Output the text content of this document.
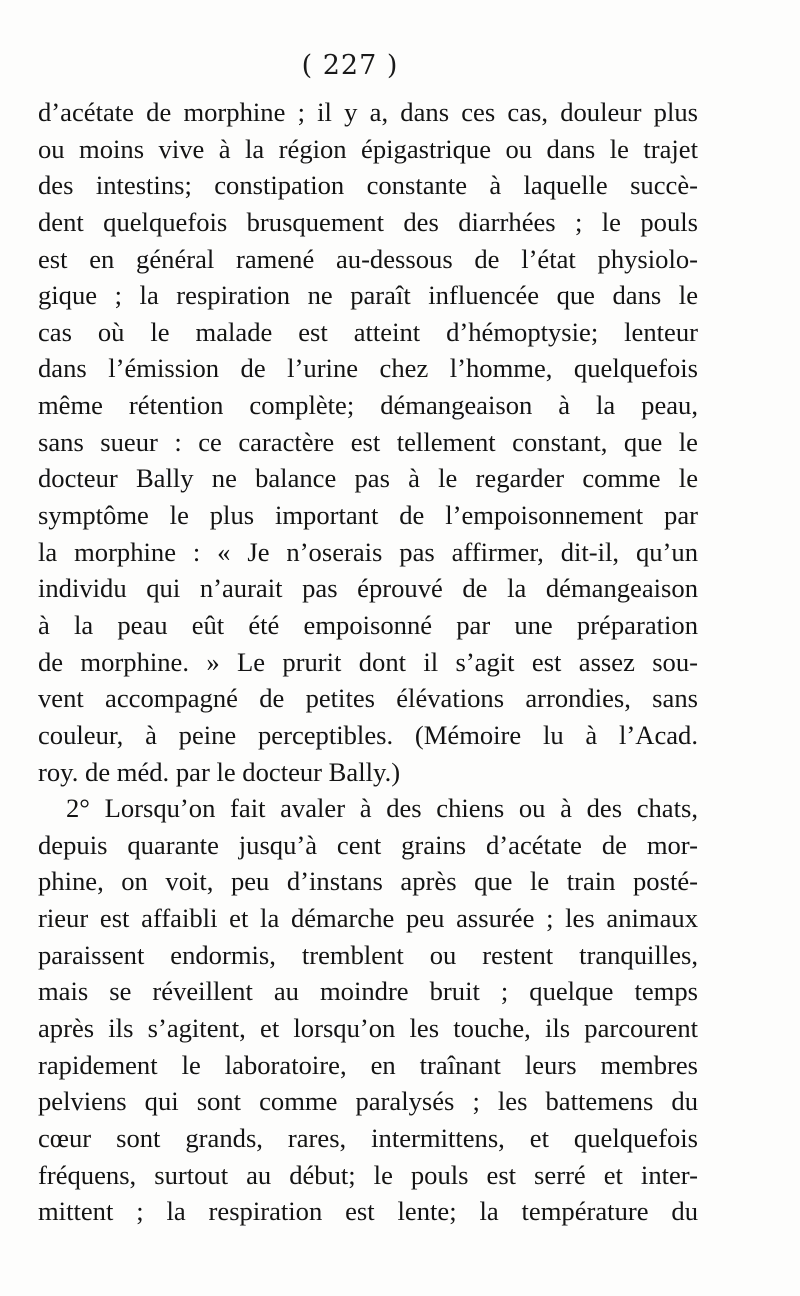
( 227 )
d’acétate de morphine ; il y a, dans ces cas, douleur plus
ou moins vive à la région épigastrique ou dans le trajet
des intestins; constipation constante à laquelle succè-
dent quelquefois brusquement des diarrhées ; le pouls
est en général ramené au-dessous de l’état physiolo-
gique ; la respiration ne paraît influencée que dans le
cas où le malade est atteint d’hémoptysie; lenteur
dans l’émission de l’urine chez l’homme, quelquefois
même rétention complète; démangeaison à la peau,
sans sueur : ce caractère est tellement constant, que le
docteur Bally ne balance pas à le regarder comme le
symptôme le plus important de l’empoisonnement par
la morphine : « Je n’oserais pas affirmer, dit-il, qu’un
individu qui n’aurait pas éprouvé de la démangeaison
à la peau eût été empoisonné par une préparation
de morphine. » Le prurit dont il s’agit est assez sou-
vent accompagné de petites élévations arrondies, sans
couleur, à peine perceptibles. (Mémoire lu à l’Acad.
roy. de méd. par le docteur Bally.)
2° Lorsqu’on fait avaler à des chiens ou à des chats,
depuis quarante jusqu’à cent grains d’acétate de mor-
phine, on voit, peu d’instans après que le train posté-
rieur est affaibli et la démarche peu assurée ; les animaux
paraissent endormis, tremblent ou restent tranquilles,
mais se réveillent au moindre bruit ; quelque temps
après ils s’agitent, et lorsqu’on les touche, ils parcourent
rapidement le laboratoire, en traînant leurs membres
pelviens qui sont comme paralysés ; les battemens du
cœur sont grands, rares, intermittens, et quelquefois
fréquens, surtout au début; le pouls est serré et inter-
mittent ; la respiration est lente; la température du
